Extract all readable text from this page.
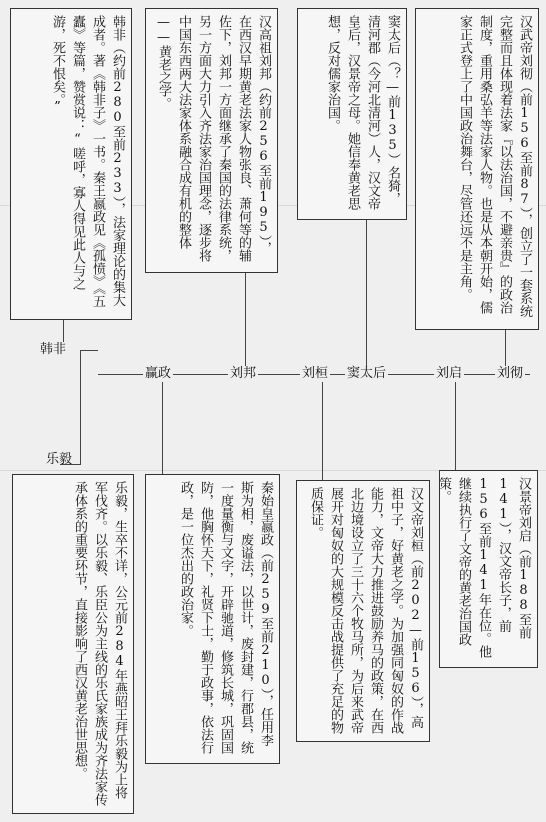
韩非（约前280至前233），法家理论的集大成者。著《韩非子》一书。秦王嬴政见《孤愤》《五蠹》等篇，赞赏说：“嗟呼，寡人得见此人与之游，死不恨矣。”	汉高祖刘邦（约前256至前195），在西汉早期黄老法家人物张良、萧何等的辅佐下，刘邦一方面继承了秦国的法律系统，另一方面大力引入齐法家治国理念，逐步将中国东西两大法家体系融合成有机的整体——黄老之学。	窦太后（？—前135）名猗，清河郡（今河北清河）人，汉文帝皇后，汉景帝之母。她信奉黄老思想，反对儒家治国。	汉武帝刘彻（前156至前87），创立了一套系统完整而且体现着法家『以法治国，不避亲贵』的政治制度，重用桑弘羊等法家人物。也是从本朝开始，儒家正式登上了中国政治舞台，尽管还远不是主角。
赢政	刘邦	刘桓 窦太后	刘启	刘彻
韩非
乐毅
乐毅，生卒不详，公元前284年燕昭王拜乐毅为上将军伐齐。以乐毅、乐臣公为主线的乐氏家族成为齐法家传承体系的重要环节，直接影响了西汉黄老治世思想。	秦始皇嬴政（前259至前210），任用李斯为相，废谥法，以世计，废封建，行郡县，统一度量衡与文字，开辟驰道，修筑长城，巩固国防，他胸怀天下，礼贤下士，勤于政事，依法行政，是一位杰出的政治家。	汉文帝刘桓（前202—前156），高祖中子，好黄老之学。为加强同匈奴的作战能力，文帝大力推进鼓励养马的政策，在西北边境设立了三十六个牧马所，为后来武帝展开对匈奴的大规模反击战提供了充足的物质保证。	汉景帝刘启（前188至前141），汉文帝长子，前156至前141年在位。他继续执行了文帝的黄老治国政策。
